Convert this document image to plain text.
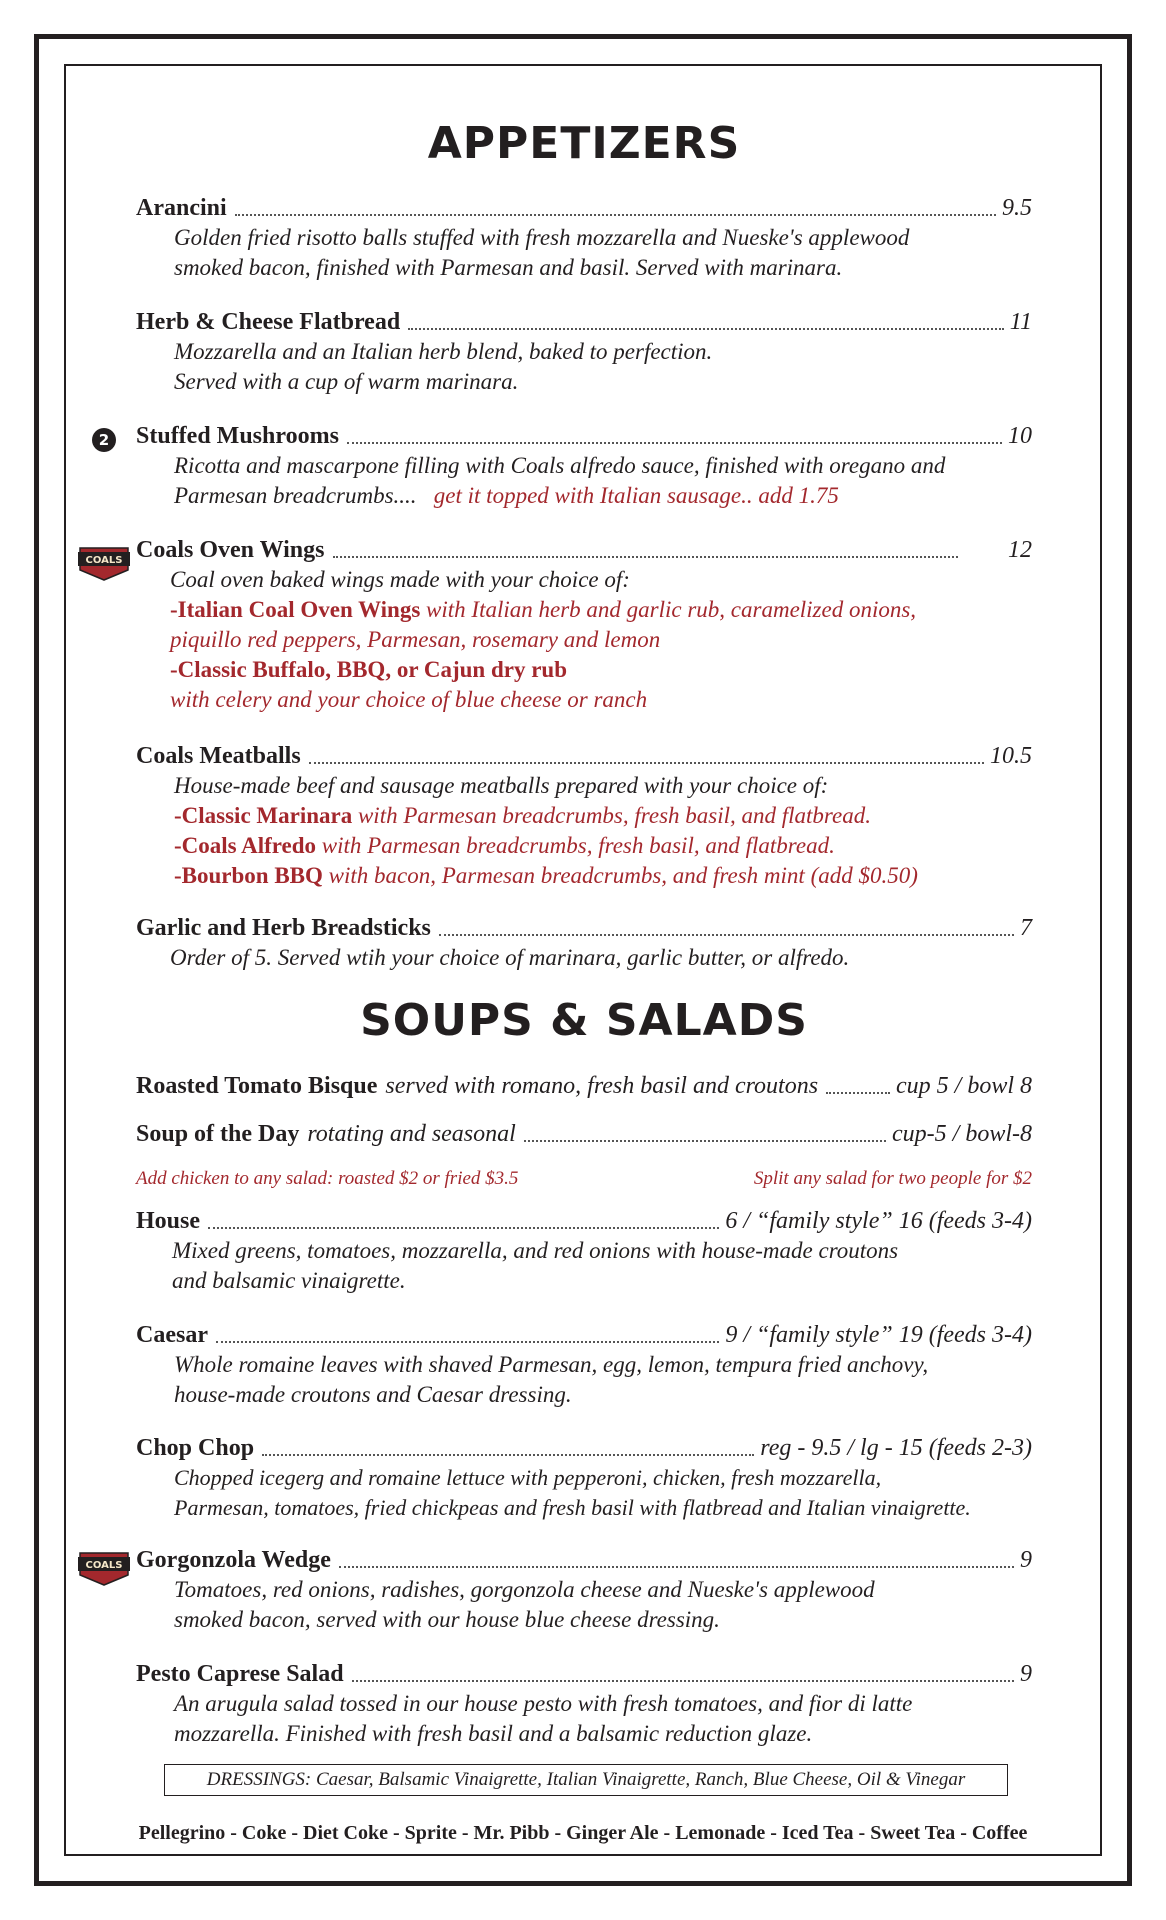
2
COALS
COALS
APPETIZERS
Arancini	9.5

Golden fried risotto balls stuffed with fresh mozzarella and Nueske's applewood

smoked bacon, finished with Parmesan and basil. Served with marinara.

Herb & Cheese Flatbread	11

Mozzarella and an Italian herb blend, baked to perfection.

Served with a cup of warm marinara.

Stuffed Mushrooms	10

Ricotta and mascarpone filling with Coals alfredo sauce, finished with oregano and

Parmesan breadcrumbs.... get it topped with Italian sausage.. add 1.75

Coals Oven Wings	12

Coal oven baked wings made with your choice of:

-Italian Coal Oven Wings with Italian herb and garlic rub, caramelized onions,

piquillo red peppers, Parmesan, rosemary and lemon

-Classic Buffalo, BBQ, or Cajun dry rub

with celery and your choice of blue cheese or ranch

Coals Meatballs	10.5

House-made beef and sausage meatballs prepared with your choice of:

-Classic Marinara with Parmesan breadcrumbs, fresh basil, and flatbread.

-Coals Alfredo with Parmesan breadcrumbs, fresh basil, and flatbread.

-Bourbon BBQ with bacon, Parmesan breadcrumbs, and fresh mint (add $0.50)

Garlic and Herb Breadsticks	7

Order of 5. Served wtih your choice of marinara, garlic butter, or alfredo.

SOUPS & SALADS
Roasted Tomato Bisque served with romano, fresh basil and croutons	cup 5 / bowl 8
Soup of the Day rotating and seasonal	cup-5 / bowl-8
Add chicken to any salad: roasted $2 or fried $3.5	Split any salad for two people for $2
House	6 / “family style” 16 (feeds 3-4)

Mixed greens, tomatoes, mozzarella, and red onions with house-made croutons

and balsamic vinaigrette.

Caesar	9 / “family style” 19 (feeds 3-4)

Whole romaine leaves with shaved Parmesan, egg, lemon, tempura fried anchovy,

house-made croutons and Caesar dressing.

Chop Chop	reg - 9.5 / lg - 15 (feeds 2-3)

Chopped icegerg and romaine lettuce with pepperoni, chicken, fresh mozzarella,

Parmesan, tomatoes, fried chickpeas and fresh basil with flatbread and Italian vinaigrette.

Gorgonzola Wedge	9

Tomatoes, red onions, radishes, gorgonzola cheese and Nueske's applewood

smoked bacon, served with our house blue cheese dressing.

Pesto Caprese Salad	9

An arugula salad tossed in our house pesto with fresh tomatoes, and fior di latte

mozzarella. Finished with fresh basil and a balsamic reduction glaze.

DRESSINGS: Caesar, Balsamic Vinaigrette, Italian Vinaigrette, Ranch, Blue Cheese, Oil & Vinegar
Pellegrino - Coke - Diet Coke - Sprite - Mr. Pibb - Ginger Ale - Lemonade - Iced Tea - Sweet Tea - Coffee
